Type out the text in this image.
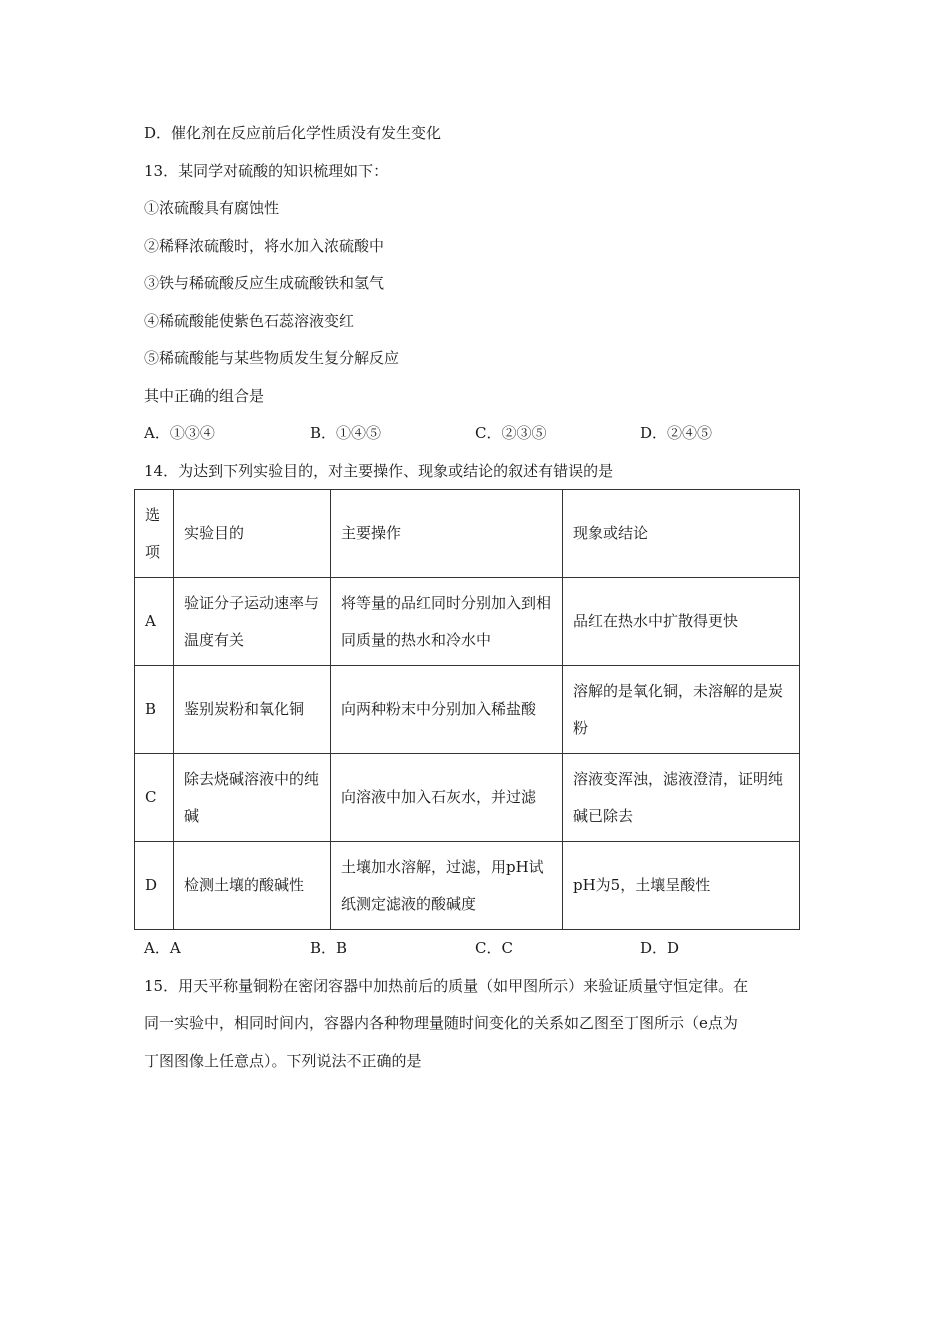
D．催化剂在反应前后化学性质没有发生变化
13．某同学对硫酸的知识梳理如下：
①浓硫酸具有腐蚀性
②稀释浓硫酸时，将水加入浓硫酸中
③铁与稀硫酸反应生成硫酸铁和氢气
④稀硫酸能使紫色石蕊溶液变红
⑤稀硫酸能与某些物质发生复分解反应
其中正确的组合是
A．①③④	B．①④⑤	C．②③⑤	D．②④⑤
14．为达到下列实验目的，对主要操作、现象或结论的叙述有错误的是
选项	实验目的	主要操作	现象或结论
A	验证分子运动速率与温度有关	将等量的品红同时分别加入到相同质量的热水和冷水中	品红在热水中扩散得更快
B	鉴别炭粉和氧化铜	向两种粉末中分别加入稀盐酸	溶解的是氧化铜，未溶解的是炭粉
C	除去烧碱溶液中的纯碱	向溶液中加入石灰水，并过滤	溶液变浑浊，滤液澄清，证明纯碱已除去
D	检测土壤的酸碱性	土壤加水溶解，过滤，用pH试纸测定滤液的酸碱度	pH为5，土壤呈酸性
A．A	B．B	C．C	D．D
15．用天平称量铜粉在密闭容器中加热前后的质量（如甲图所示）来验证质量守恒定律。在
同一实验中，相同时间内，容器内各种物理量随时间变化的关系如乙图至丁图所示（e点为
丁图图像上任意点）。下列说法不正确的是
